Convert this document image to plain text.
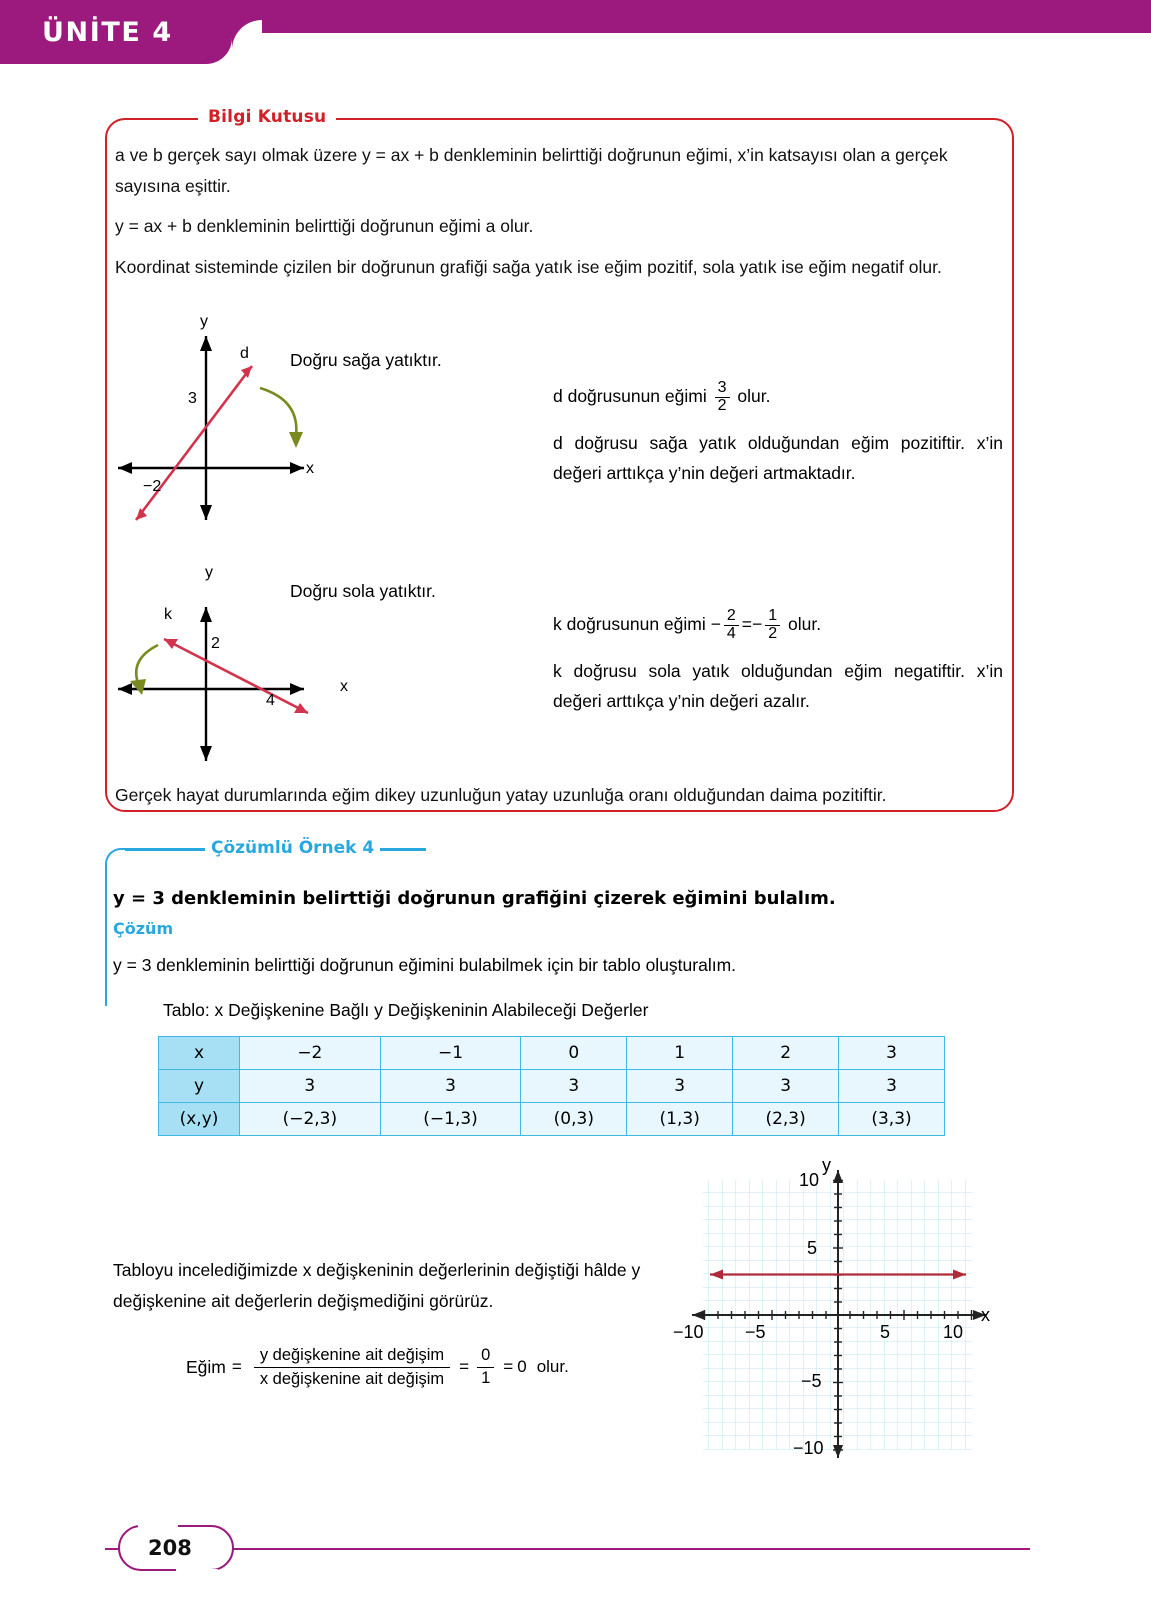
ÜNİTE 4
Bilgi Kutusu
a ve b gerçek sayı olmak üzere y = ax + b denkleminin belirttiği doğrunun eğimi, x’in katsayısı olan a gerçek sayısına eşittir.
y = ax + b denkleminin belirttiği doğrunun eğimi a olur.
Koordinat sisteminde çizilen bir doğrunun grafiği sağa yatık ise eğim pozitif, sola yatık ise eğim negatif olur.
y
x
d
3
−2
Doğru sağa yatıktır.
d doğrusunun eğimi $\frac{3}{2}$ olur.
d doğrusu sağa yatık olduğundan eğim pozitiftir. x’in değeri arttıkça y’nin değeri artmaktadır.
y
x
k
2
4
Doğru sola yatıktır.
k doğrusunun eğimi − $\frac{2}{4} =- \frac{1}{2}$ olur.
k doğrusu sola yatık olduğundan eğim negatiftir. x’in değeri arttıkça y’nin değeri azalır.
Gerçek hayat durumlarında eğim dikey uzunluğun yatay uzunluğa oranı olduğundan daima pozitiftir.
Çözümlü Örnek 4
y = 3 denkleminin belirttiği doğrunun grafiğini çizerek eğimini bulalım.
Çözüm
y = 3 denkleminin belirttiği doğrunun eğimini bulabilmek için bir tablo oluşturalım.
Tablo: x Değişkenine Bağlı y Değişkeninin Alabileceği Değerler
x	−2	−1	0	1	2	3
y	3	3	3	3	3	3
(x,y)	(−2,3)	(−1,3)	(0,3)	(1,3)	(2,3)	(3,3)
Tabloyu incelediğimizde x değişkeninin değerlerinin değiştiği hâlde y değişkenine ait değerlerin değişmediğini görürüz.
Eğim = $\frac{\text{y değişkenine ait değişim}}{\text{x değişkenine ait değişim}} = \frac{0}{1} = 0$ olur.
y
x
10
5
−5
−10
−10 −5	5	10
208
